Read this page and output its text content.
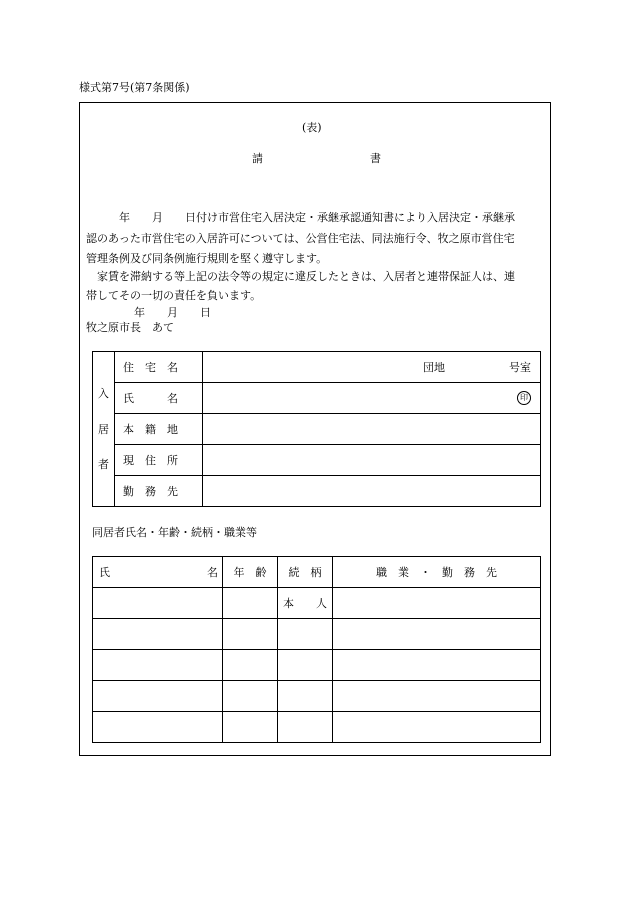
様式第7号(第7条関係)
(表)
請	書
　　　年　　月　　日付け市営住宅入居決定・承継承認通知書により入居決定・承継承
認のあった市営住宅の入居許可については、公営住宅法、同法施行令、牧之原市営住宅
管理条例及び同条例施行規則を堅く遵守します。
　家賃を滞納する等上記の法令等の規定に違反したときは、入居者と連帯保証人は、連
帯してその一切の責任を負います。
年　　月　　日
牧之原市長　あて
入
居
者	住　宅　名	団地 号室

	氏　　　名	印

	本　籍　地	
	現　住　所	
	勤　務　先	
同居者氏名・年齢・続柄・職業等
氏 名	年　齢	続　柄	職　業　・　勤　務　先
		本　　人	
